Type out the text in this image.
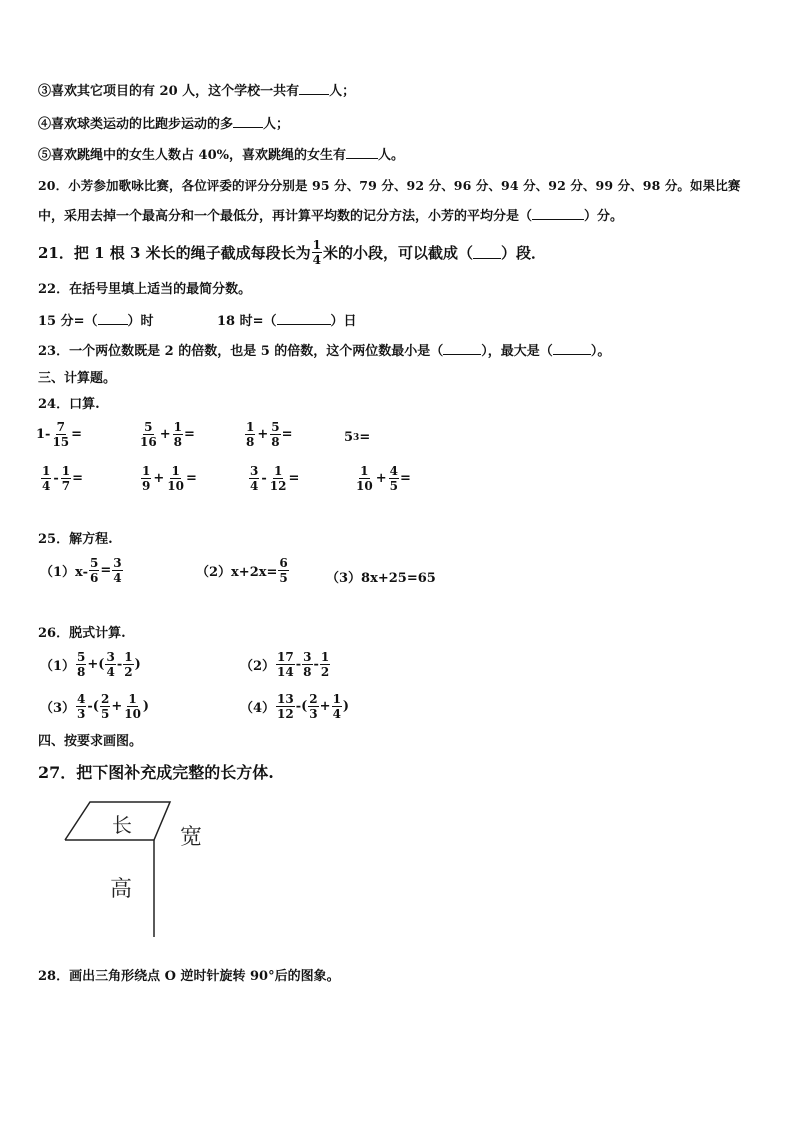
③喜欢其它项目的有 20 人，这个学校一共有 人；
④喜欢球类运动的比跑步运动的多 人；
⑤喜欢跳绳中的女生人数占 40%，喜欢跳绳的女生有 人。
20．小芳参加歌咏比赛，各位评委的评分分别是 95 分、79 分、92 分、96 分、94 分、92 分、99 分、98 分。如果比赛
中，采用去掉一个最高分和一个最低分，再计算平均数的记分方法，小芳的平均分是（	）分。
21．把 1 根 3 米长的绳子截成每段长为 $\frac{1}{4}$ 米的小段，可以截成（ ）段．
22．在括号里填上适当的最简分数。
15 分=（ ）时	18 时=（	）日
23．一个两位数既是 2 的倍数，也是 5 的倍数，这个两位数最小是（	），最大是（	）。
三、计算题。
24．口算.
$1- \frac{7}{15}$ =	$\frac{5}{16} + \frac{1}{8}$ =	$\frac{1}{8} + \frac{5}{8}$ =	5 3 =
$\frac{1}{4} - \frac{1}{7}$ =	$\frac{1}{9} + \frac{1}{10}$ =	$\frac{3}{4} - \frac{1}{12}$ =	$\frac{1}{10} + \frac{4}{5}$ =
25．解方程.
$(1)x- \frac{5}{6} = \frac{3}{4}$	$(2)x+2x= \frac{6}{5}$	（3）8x+25=65
26．脱式计算.
$(1) \frac{5}{8}$ +( $\frac{3}{4} - \frac{1}{2}$ )	$(2) \frac{17}{14} - \frac{3}{8} - \frac{1}{2}$
$(3) \frac{4}{3}$ -( $\frac{2}{5} + \frac{1}{10}$ )	$(4) \frac{13}{12}$ -( $\frac{2}{3} + \frac{1}{4}$ )
四、按要求画图。
27．把下图补充成完整的长方体.
长 宽
高
28．画出三角形绕点 O 逆时针旋转 90°后的图象。
